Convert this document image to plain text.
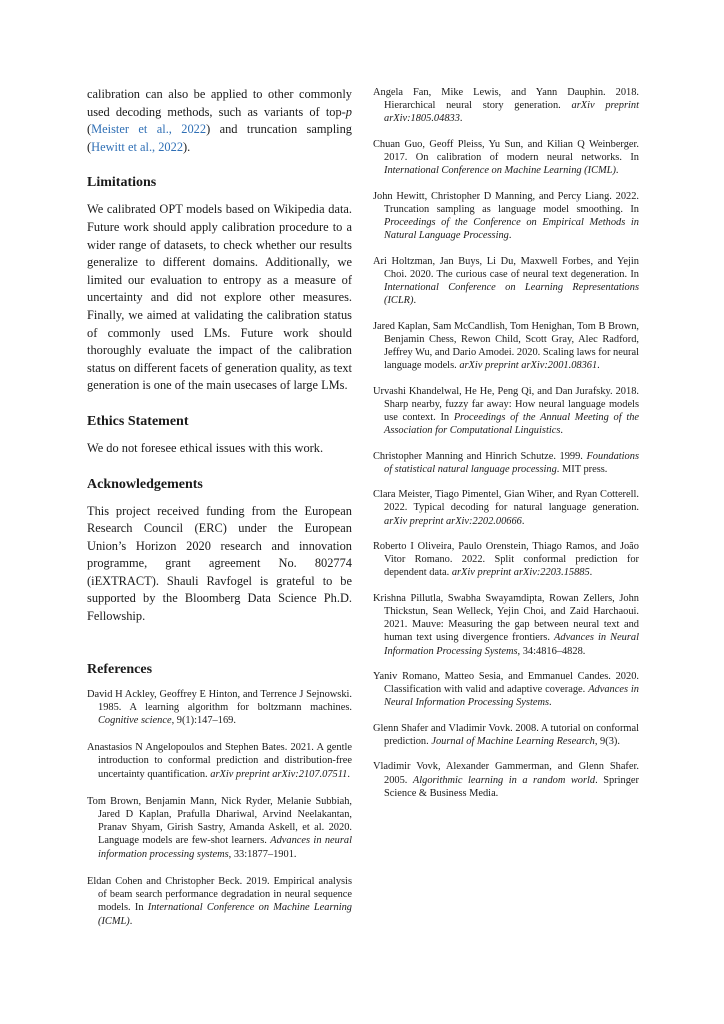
calibration can also be applied to other commonly used decoding methods, such as variants of top-p (Meister et al., 2022) and truncation sampling (Hewitt et al., 2022).

Limitations

We calibrated OPT models based on Wikipedia data. Future work should apply calibration procedure to a wider range of datasets, to check whether our results generalize to different domains. Additionally, we limited our evaluation to entropy as a measure of uncertainty and did not explore other measures. Finally, we aimed at validating the calibration status of commonly used LMs. Future work should thoroughly evaluate the impact of the calibration status on different facets of generation quality, as text generation is one of the main usecases of large LMs.

Ethics Statement

We do not foresee ethical issues with this work.

Acknowledgements

This project received funding from the European Research Council (ERC) under the European Union’s Horizon 2020 research and innovation programme, grant agreement No. 802774 (iEXTRACT). Shauli Ravfogel is grateful to be supported by the Bloomberg Data Science Ph.D. Fellowship.

References

David H Ackley, Geoffrey E Hinton, and Terrence J Sejnowski. 1985. A learning algorithm for boltzmann machines. Cognitive science, 9(1):147–169.

Anastasios N Angelopoulos and Stephen Bates. 2021. A gentle introduction to conformal prediction and distribution-free uncertainty quantification. arXiv preprint arXiv:2107.07511.

Tom Brown, Benjamin Mann, Nick Ryder, Melanie Subbiah, Jared D Kaplan, Prafulla Dhariwal, Arvind Neelakantan, Pranav Shyam, Girish Sastry, Amanda Askell, et al. 2020. Language models are few-shot learners. Advances in neural information processing systems, 33:1877–1901.

Eldan Cohen and Christopher Beck. 2019. Empirical analysis of beam search performance degradation in neural sequence models. In International Conference on Machine Learning (ICML).

Angela Fan, Mike Lewis, and Yann Dauphin. 2018. Hierarchical neural story generation. arXiv preprint arXiv:1805.04833.

Chuan Guo, Geoff Pleiss, Yu Sun, and Kilian Q Weinberger. 2017. On calibration of modern neural networks. In International Conference on Machine Learning (ICML).

John Hewitt, Christopher D Manning, and Percy Liang. 2022. Truncation sampling as language model smoothing. In Proceedings of the Conference on Empirical Methods in Natural Language Processing.

Ari Holtzman, Jan Buys, Li Du, Maxwell Forbes, and Yejin Choi. 2020. The curious case of neural text degeneration. In International Conference on Learning Representations (ICLR).

Jared Kaplan, Sam McCandlish, Tom Henighan, Tom B Brown, Benjamin Chess, Rewon Child, Scott Gray, Alec Radford, Jeffrey Wu, and Dario Amodei. 2020. Scaling laws for neural language models. arXiv preprint arXiv:2001.08361.

Urvashi Khandelwal, He He, Peng Qi, and Dan Jurafsky. 2018. Sharp nearby, fuzzy far away: How neural language models use context. In Proceedings of the Annual Meeting of the Association for Computational Linguistics.

Christopher Manning and Hinrich Schutze. 1999. Foundations of statistical natural language processing. MIT press.

Clara Meister, Tiago Pimentel, Gian Wiher, and Ryan Cotterell. 2022. Typical decoding for natural language generation. arXiv preprint arXiv:2202.00666.

Roberto I Oliveira, Paulo Orenstein, Thiago Ramos, and João Vitor Romano. 2022. Split conformal prediction for dependent data. arXiv preprint arXiv:2203.15885.

Krishna Pillutla, Swabha Swayamdipta, Rowan Zellers, John Thickstun, Sean Welleck, Yejin Choi, and Zaid Harchaoui. 2021. Mauve: Measuring the gap between neural text and human text using divergence frontiers. Advances in Neural Information Processing Systems, 34:4816–4828.

Yaniv Romano, Matteo Sesia, and Emmanuel Candes. 2020. Classification with valid and adaptive coverage. Advances in Neural Information Processing Systems.

Glenn Shafer and Vladimir Vovk. 2008. A tutorial on conformal prediction. Journal of Machine Learning Research, 9(3).

Vladimir Vovk, Alexander Gammerman, and Glenn Shafer. 2005. Algorithmic learning in a random world. Springer Science & Business Media.
